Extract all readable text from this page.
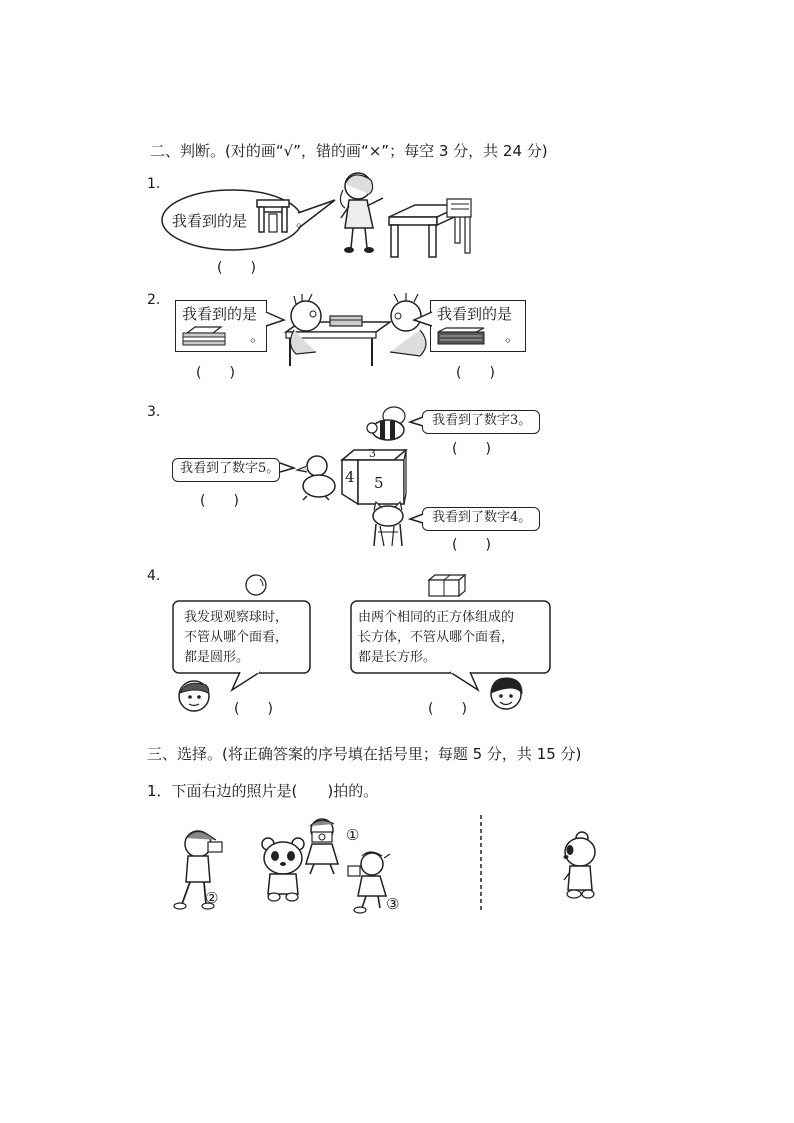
二、判断。(对的画“√”，错的画“×”；每空 3 分，共 24 分)
1.
我看到的是	。
(　　)
2.
我看到的是
。
我看到的是
。
(　　)	(　　)
3.
我看到了数字3。
(　　)
我看到了数字5。
(　　)
3
4 5
我看到了数字4。
(　　)
4.
我发现观察球时，
不管从哪个面看，
都是圆形。
由两个相同的正方体组成的
长方体，不管从哪个面看，
都是长方形。
(　　)	(　　)
三、选择。(将正确答案的序号填在括号里；每题 5 分，共 15 分)
1．下面右边的照片是(　　)拍的。
②
①
③
